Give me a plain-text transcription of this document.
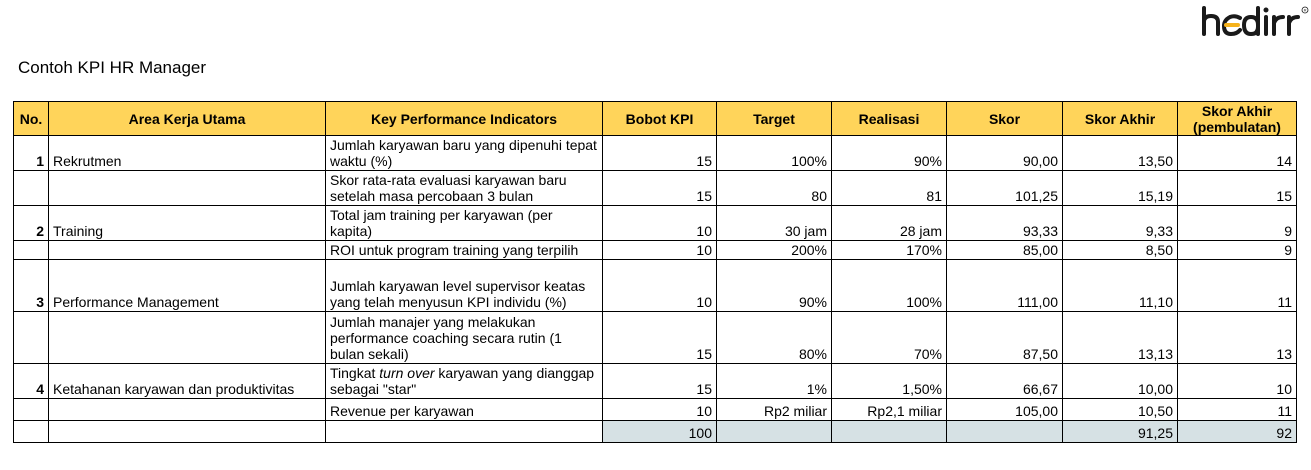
R
Contoh KPI HR Manager
No.	Area Kerja Utama	Key Performance Indicators	Bobot KPI	Target	Realisasi	Skor	Skor Akhir	Skor Akhir (pembulatan)
1	Rekrutmen	Jumlah karyawan baru yang dipenuhi tepat waktu (%)	15	100%	90%	90,00	13,50	14
		Skor rata-rata evaluasi karyawan baru setelah masa percobaan 3 bulan	15	80	81	101,25	15,19	15
2	Training	Total jam training per karyawan (per kapita)	10	30 jam	28 jam	93,33	9,33	9
		ROI untuk program training yang terpilih	10	200%	170%	85,00	8,50	9
3	Performance Management	Jumlah karyawan level supervisor keatas yang telah menyusun KPI individu (%)	10	90%	100%	111,00	11,10	11
		Jumlah manajer yang melakukan performance coaching secara rutin (1 bulan sekali)	15	80%	70%	87,50	13,13	13
4	Ketahanan karyawan dan produktivitas	Tingkat turn over karyawan yang dianggap sebagai "star"	15	1%	1,50%	66,67	10,00	10
		Revenue per karyawan	10	Rp2 miliar	Rp2,1 miliar	105,00	10,50	11
			100				91,25	92
